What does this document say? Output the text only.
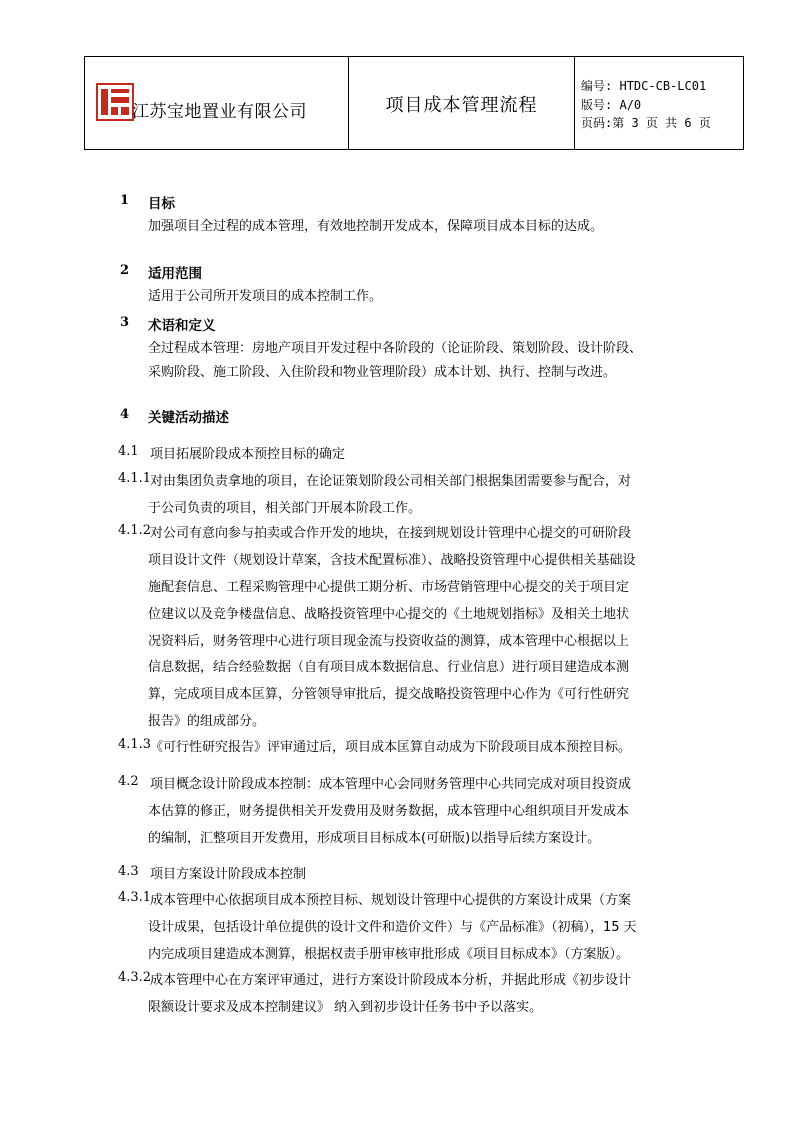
江苏宝地置业有限公司	项目成本管理流程
编号: HTDC-CB-LC01
版号: A/0
页码:第 3 页 共 6 页
1 目标
加强项目全过程的成本管理，有效地控制开发成本，保障项目成本目标的达成。
2 适用范围
适用于公司所开发项目的成本控制工作。
3 术语和定义
全过程成本管理：房地产项目开发过程中各阶段的（论证阶段、策划阶段、设计阶段、
采购阶段、施工阶段、入住阶段和物业管理阶段）成本计划、执行、控制与改进。
4 关键活动描述
4.1 项目拓展阶段成本预控目标的确定
4.1.1
对由集团负责拿地的项目，在论证策划阶段公司相关部门根据集团需要参与配合，对
于公司负责的项目，相关部门开展本阶段工作。
4.1.2
对公司有意向参与拍卖或合作开发的地块，在接到规划设计管理中心提交的可研阶段
项目设计文件（规划设计草案，含技术配置标准）、战略投资管理中心提供相关基础设
施配套信息、工程采购管理中心提供工期分析、市场营销管理中心提交的关于项目定
位建议以及竞争楼盘信息、战略投资管理中心提交的《土地规划指标》及相关土地状
况资料后，财务管理中心进行项目现金流与投资收益的测算，成本管理中心根据以上
信息数据，结合经验数据（自有项目成本数据信息、行业信息）进行项目建造成本测
算，完成项目成本匡算，分管领导审批后，提交战略投资管理中心作为《可行性研究
报告》的组成部分。
4.1.3
《可行性研究报告》评审通过后，项目成本匡算自动成为下阶段项目成本预控目标。
4.2 项目概念设计阶段成本控制：成本管理中心会同财务管理中心共同完成对项目投资成
本估算的修正，财务提供相关开发费用及财务数据，成本管理中心组织项目开发成本
的编制，汇整项目开发费用，形成项目目标成本(可研版)以指导后续方案设计。
4.3 项目方案设计阶段成本控制
4.3.1
成本管理中心依据项目成本预控目标、规划设计管理中心提供的方案设计成果（方案
设计成果，包括设计单位提供的设计文件和造价文件）与《产品标准》（初稿），15 天
内完成项目建造成本测算，根据权责手册审核审批形成《项目目标成本》（方案版）。
4.3.2
成本管理中心在方案评审通过，进行方案设计阶段成本分析，并据此形成《初步设计
限额设计要求及成本控制建议》 纳入到初步设计任务书中予以落实。
